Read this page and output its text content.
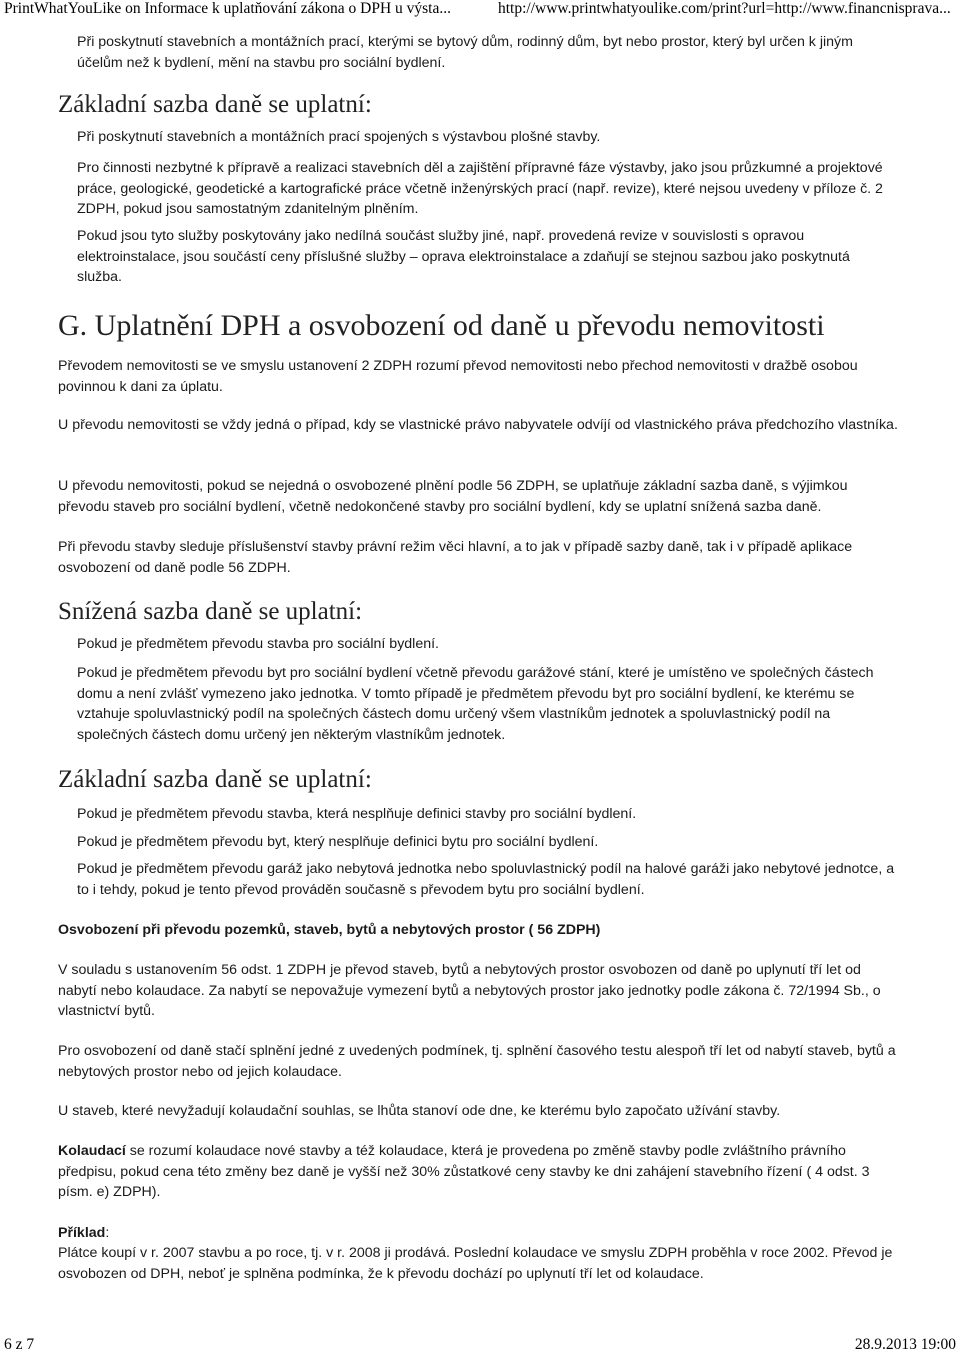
PrintWhatYouLike on Informace k uplatňování zákona o DPH u výsta...	http://www.printwhatyoulike.com/print?url=http://www.financnisprava...

Při poskytnutí stavebních a montážních prací, kterými se bytový dům, rodinný dům, byt nebo prostor, který byl určen k jiným účelům než k bydlení, mění na stavbu pro sociální bydlení.

Základní sazba daně se uplatní:

Při poskytnutí stavebních a montážních prací spojených s výstavbou plošné stavby.

Pro činnosti nezbytné k přípravě a realizaci stavebních děl a zajištění přípravné fáze výstavby, jako jsou průzkumné a projektové práce, geologické, geodetické a kartografické práce včetně inženýrských prací (např. revize), které nejsou uvedeny v příloze č. 2 ZDPH, pokud jsou samostatným zdanitelným plněním.

Pokud jsou tyto služby poskytovány jako nedílná součást služby jiné, např. provedená revize v souvislosti s opravou elektroinstalace, jsou součástí ceny příslušné služby – oprava elektroinstalace a zdaňují se stejnou sazbou jako poskytnutá služba.

G. Uplatnění DPH a osvobození od daně u převodu nemovitosti

Převodem nemovitosti se ve smyslu ustanovení 2 ZDPH rozumí převod nemovitosti nebo přechod nemovitosti v dražbě osobou povinnou k dani za úplatu.

U převodu nemovitosti se vždy jedná o případ, kdy se vlastnické právo nabyvatele odvíjí od vlastnického práva předchozího vlastníka.

U převodu nemovitosti, pokud se nejedná o osvobozené plnění podle 56 ZDPH, se uplatňuje základní sazba daně, s výjimkou převodu staveb pro sociální bydlení, včetně nedokončené stavby pro sociální bydlení, kdy se uplatní snížená sazba daně.

Při převodu stavby sleduje příslušenství stavby právní režim věci hlavní, a to jak v případě sazby daně, tak i v případě aplikace osvobození od daně podle 56 ZDPH.

Snížená sazba daně se uplatní:

Pokud je předmětem převodu stavba pro sociální bydlení.

Pokud je předmětem převodu byt pro sociální bydlení včetně převodu garážové stání, které je umístěno ve společných částech domu a není zvlášť vymezeno jako jednotka. V tomto případě je předmětem převodu byt pro sociální bydlení, ke kterému se vztahuje spoluvlastnický podíl na společných částech domu určený všem vlastníkům jednotek a spoluvlastnický podíl na společných částech domu určený jen některým vlastníkům jednotek.

Základní sazba daně se uplatní:

Pokud je předmětem převodu stavba, která nesplňuje definici stavby pro sociální bydlení.

Pokud je předmětem převodu byt, který nesplňuje definici bytu pro sociální bydlení.

Pokud je předmětem převodu garáž jako nebytová jednotka nebo spoluvlastnický podíl na halové garáži jako nebytové jednotce, a to i tehdy, pokud je tento převod prováděn současně s převodem bytu pro sociální bydlení.

Osvobození při převodu pozemků, staveb, bytů a nebytových prostor ( 56 ZDPH)

V souladu s ustanovením 56 odst. 1 ZDPH je převod staveb, bytů a nebytových prostor osvobozen od daně po uplynutí tří let od nabytí nebo kolaudace. Za nabytí se nepovažuje vymezení bytů a nebytových prostor jako jednotky podle zákona č. 72/1994 Sb., o vlastnictví bytů.

Pro osvobození od daně stačí splnění jedné z uvedených podmínek, tj. splnění časového testu alespoň tří let od nabytí staveb, bytů a nebytových prostor nebo od jejich kolaudace.

U staveb, které nevyžadují kolaudační souhlas, se lhůta stanoví ode dne, ke kterému bylo započato užívání stavby.

Kolaudací se rozumí kolaudace nové stavby a též kolaudace, která je provedena po změně stavby podle zvláštního právního předpisu, pokud cena této změny bez daně je vyšší než 30% zůstatkové ceny stavby ke dni zahájení stavebního řízení ( 4 odst. 3 písm. e) ZDPH).

Příklad:

Plátce koupí v r. 2007 stavbu a po roce, tj. v r. 2008 ji prodává. Poslední kolaudace ve smyslu ZDPH proběhla v roce 2002. Převod je osvobozen od DPH, neboť je splněna podmínka, že k převodu dochází po uplynutí tří let od kolaudace.

6 z 7	28.9.2013 19:00
